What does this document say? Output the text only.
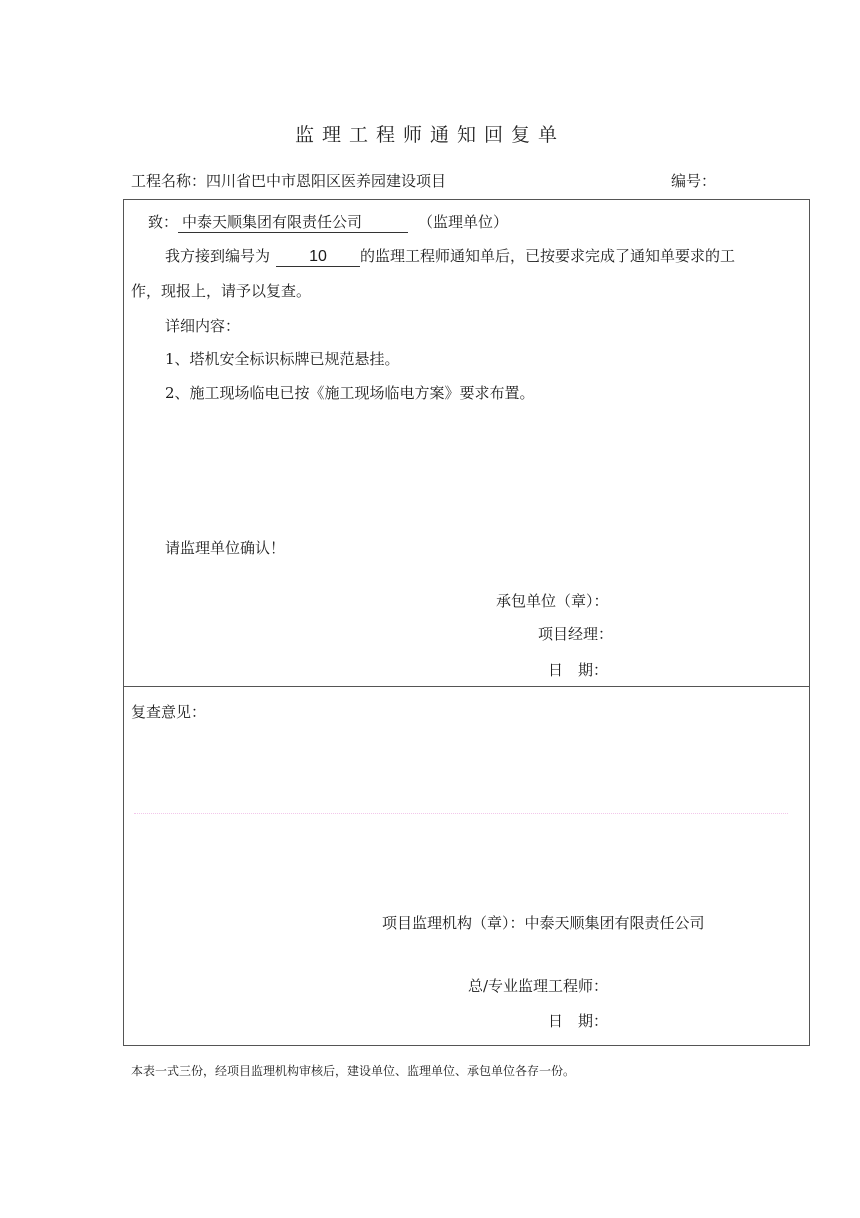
监理工程师通知回复单
工程名称：四川省巴中市恩阳区医养园建设项目	编号：
致： 中泰天顺集团有限责任公司	（监理单位）
我方接到编号为 10 的监理工程师通知单后，已按要求完成了通知单要求的工
作，现报上，请予以复查。
详细内容：
1、塔机安全标识标牌已规范悬挂。
2、施工现场临电已按《施工现场临电方案》要求布置。
请监理单位确认！
承包单位（章）：
项目经理：
日　期：
复查意见：
项目监理机构（章）：中泰天顺集团有限责任公司
总/专业监理工程师：
日　期：
本表一式三份，经项目监理机构审核后，建设单位、监理单位、承包单位各存一份。
